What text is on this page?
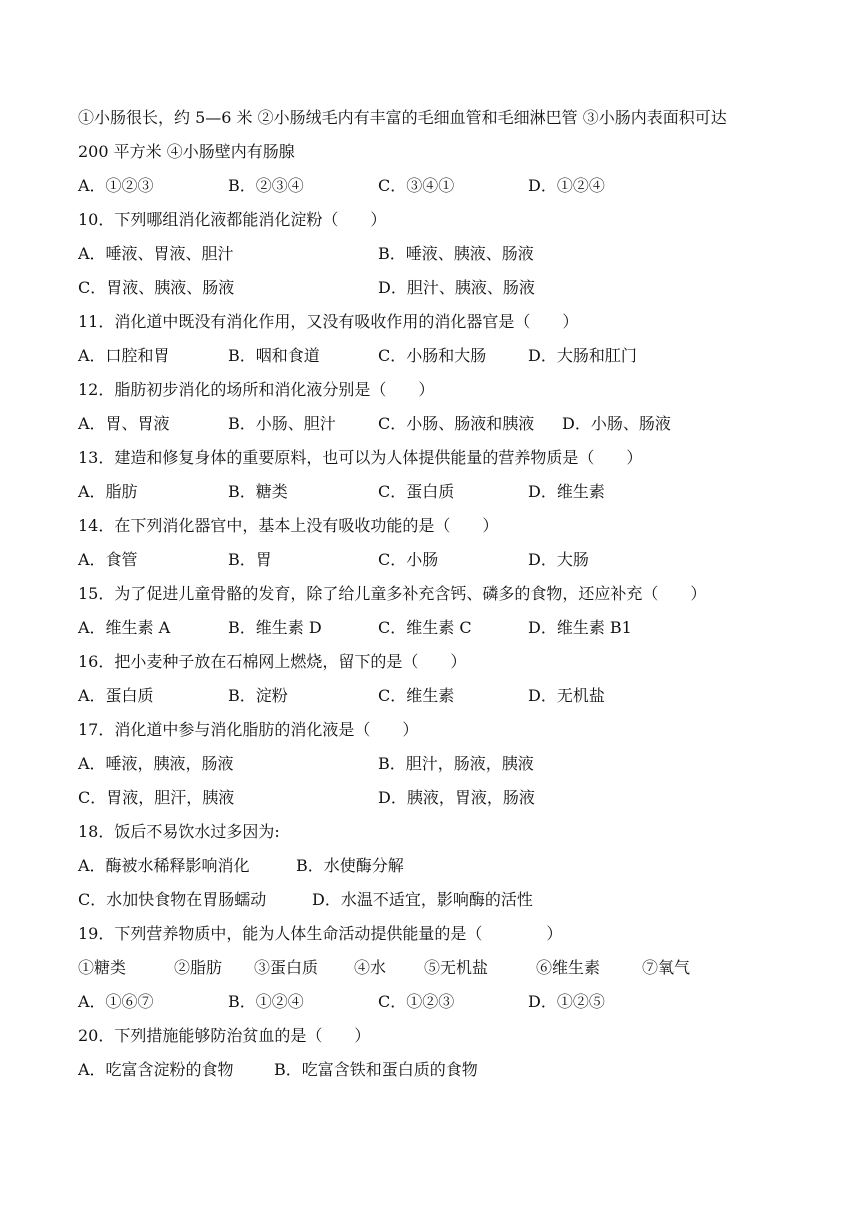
①小肠很长，约 5—6 米 ②小肠绒毛内有丰富的毛细血管和毛细淋巴管 ③小肠内表面积可达
200 平方米 ④小肠壁内有肠腺
A．①②③	B．②③④	C．③④①	D．①②④
10．下列哪组消化液都能消化淀粉（　　）
A．唾液、胃液、胆汁	B．唾液、胰液、肠液
C．胃液、胰液、肠液	D．胆汁、胰液、肠液
11．消化道中既没有消化作用，又没有吸收作用的消化器官是（　　）
A．口腔和胃	B．咽和食道	C．小肠和大肠	D．大肠和肛门
12．脂肪初步消化的场所和消化液分别是（　　）
A．胃、胃液	B．小肠、胆汁	C．小肠、肠液和胰液 D．小肠、肠液
13．建造和修复身体的重要原料，也可以为人体提供能量的营养物质是（　　）
A．脂肪	B．糖类	C．蛋白质	D．维生素
14．在下列消化器官中，基本上没有吸收功能的是（　　）
A．食管	B．胃	C．小肠	D．大肠
15．为了促进儿童骨骼的发育，除了给儿童多补充含钙、磷多的食物，还应补充（　　）
A．维生素 A	B．维生素 D	C．维生素 C	D．维生素 B1
16．把小麦种子放在石棉网上燃烧，留下的是（　　）
A．蛋白质	B．淀粉	C．维生素	D．无机盐
17．消化道中参与消化脂肪的消化液是（　　）
A．唾液，胰液，肠液	B．胆汁，肠液，胰液
C．胃液，胆汗，胰液	D．胰液，胃液，肠液
18．饭后不易饮水过多因为:
A．酶被水稀释影响消化	B．水使酶分解
C．水加快食物在胃肠蠕动	D．水温不适宜，影响酶的活性
19．下列营养物质中，能为人体生命活动提供能量的是（　　　　）
①糖类	②脂肪 ③蛋白质 ④水 ⑤无机盐	⑥维生素	⑦氧气
A．①⑥⑦	B．①②④	C．①②③	D．①②⑤
20．下列措施能够防治贫血的是（　　）
A．吃富含淀粉的食物	B．吃富含铁和蛋白质的食物
